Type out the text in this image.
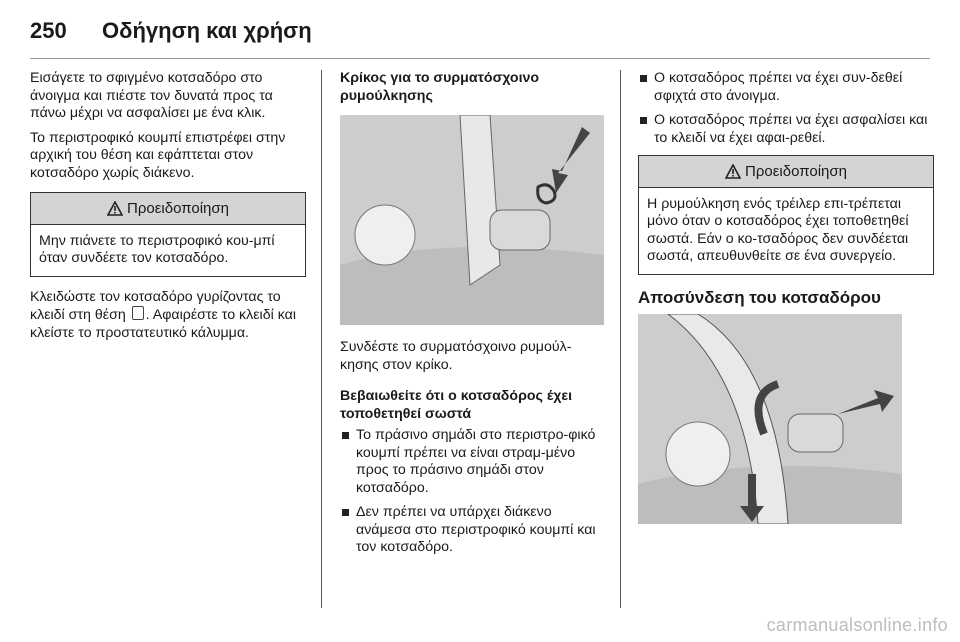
250 Οδήγηση και χρήση

Εισάγετε το σφιγμένο κοτσαδόρο στο άνοιγμα και πιέστε τον δυνατά προς τα πάνω μέχρι να ασφαλίσει με ένα κλικ.

Το περιστροφικό κουμπί επιστρέφει στην αρχική του θέση και εφάπτεται στον κοτσαδόρο χωρίς διάκενο.

Προειδοποίηση
Μην πιάνετε το περιστροφικό κου-μπί όταν συνδέετε τον κοτσαδόρο.

Κλειδώστε τον κοτσαδόρο γυρίζοντας το κλειδί στη θέση . Αφαιρέστε το κλειδί και κλείστε το προστατευτικό κάλυμμα.

Κρίκος για το συρματόσχοινο ρυμούλκησης

Συνδέστε το συρματόσχοινο ρυμούλ-κησης στον κρίκο.

Βεβαιωθείτε ότι ο κοτσαδόρος έχει τοποθετηθεί σωστά
Το πράσινο σημάδι στο περιστρο-φικό κουμπί πρέπει να είναι στραμ-μένο προς το πράσινο σημάδι στον κοτσαδόρο.
Δεν πρέπει να υπάρχει διάκενο ανάμεσα στο περιστροφικό κουμπί και τον κοτσαδόρο.
Ο κοτσαδόρος πρέπει να έχει συν-δεθεί σφιχτά στο άνοιγμα.
Ο κοτσαδόρος πρέπει να έχει ασφαλίσει και το κλειδί να έχει αφαι-ρεθεί.
Προειδοποίηση
Η ρυμούλκηση ενός τρέιλερ επι-τρέπεται μόνο όταν ο κοτσαδόρος έχει τοποθετηθεί σωστά. Εάν ο κο-τσαδόρος δεν συνδέεται σωστά, απευθυνθείτε σε ένα συνεργείο.
Αποσύνδεση του κοτσαδόρου
carmanualsonline.info
